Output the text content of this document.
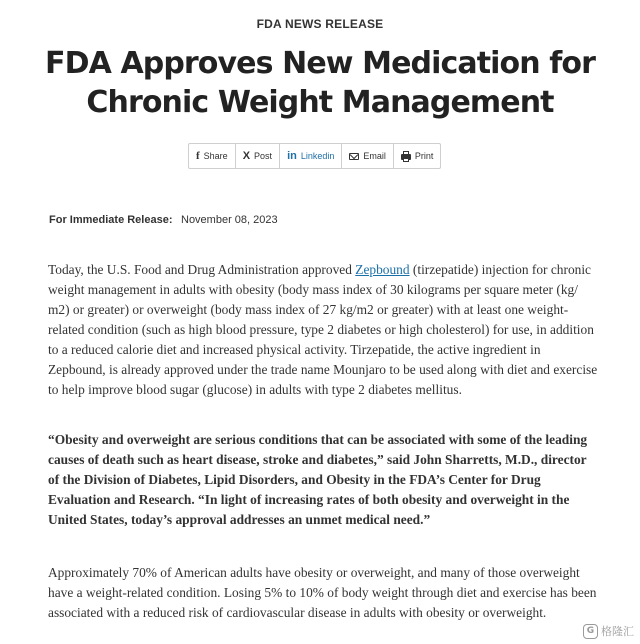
FDA NEWS RELEASE
FDA Approves New Medication for Chronic Weight Management
f Share X Post in Linkedin	Email	Print
For Immediate Release: November 08, 2023

Today, the U.S. Food and Drug Administration approved Zepbound (tirzepatide) injection for chronic weight management in adults with obesity (body mass index of 30 kilograms per square meter (kg/ m2) or greater) or overweight (body mass index of 27 kg/m2 or greater) with at least one weight-related condition (such as high blood pressure, type 2 diabetes or high cholesterol) for use, in addition to a reduced calorie diet and increased physical activity. Tirzepatide, the active ingredient in Zepbound, is already approved under the trade name Mounjaro to be used along with diet and exercise to help improve blood sugar (glucose) in adults with type 2 diabetes mellitus.

“Obesity and overweight are serious conditions that can be associated with some of the leading causes of death such as heart disease, stroke and diabetes,” said John Sharretts, M.D., director of the Division of Diabetes, Lipid Disorders, and Obesity in the FDA’s Center for Drug Evaluation and Research. “In light of increasing rates of both obesity and overweight in the United States, today’s approval addresses an unmet medical need.”

Approximately 70% of American adults have obesity or overweight, and many of those overweight have a weight-related condition. Losing 5% to 10% of body weight through diet and exercise has been associated with a reduced risk of cardiovascular disease in adults with obesity or overweight.

G 格隆汇
